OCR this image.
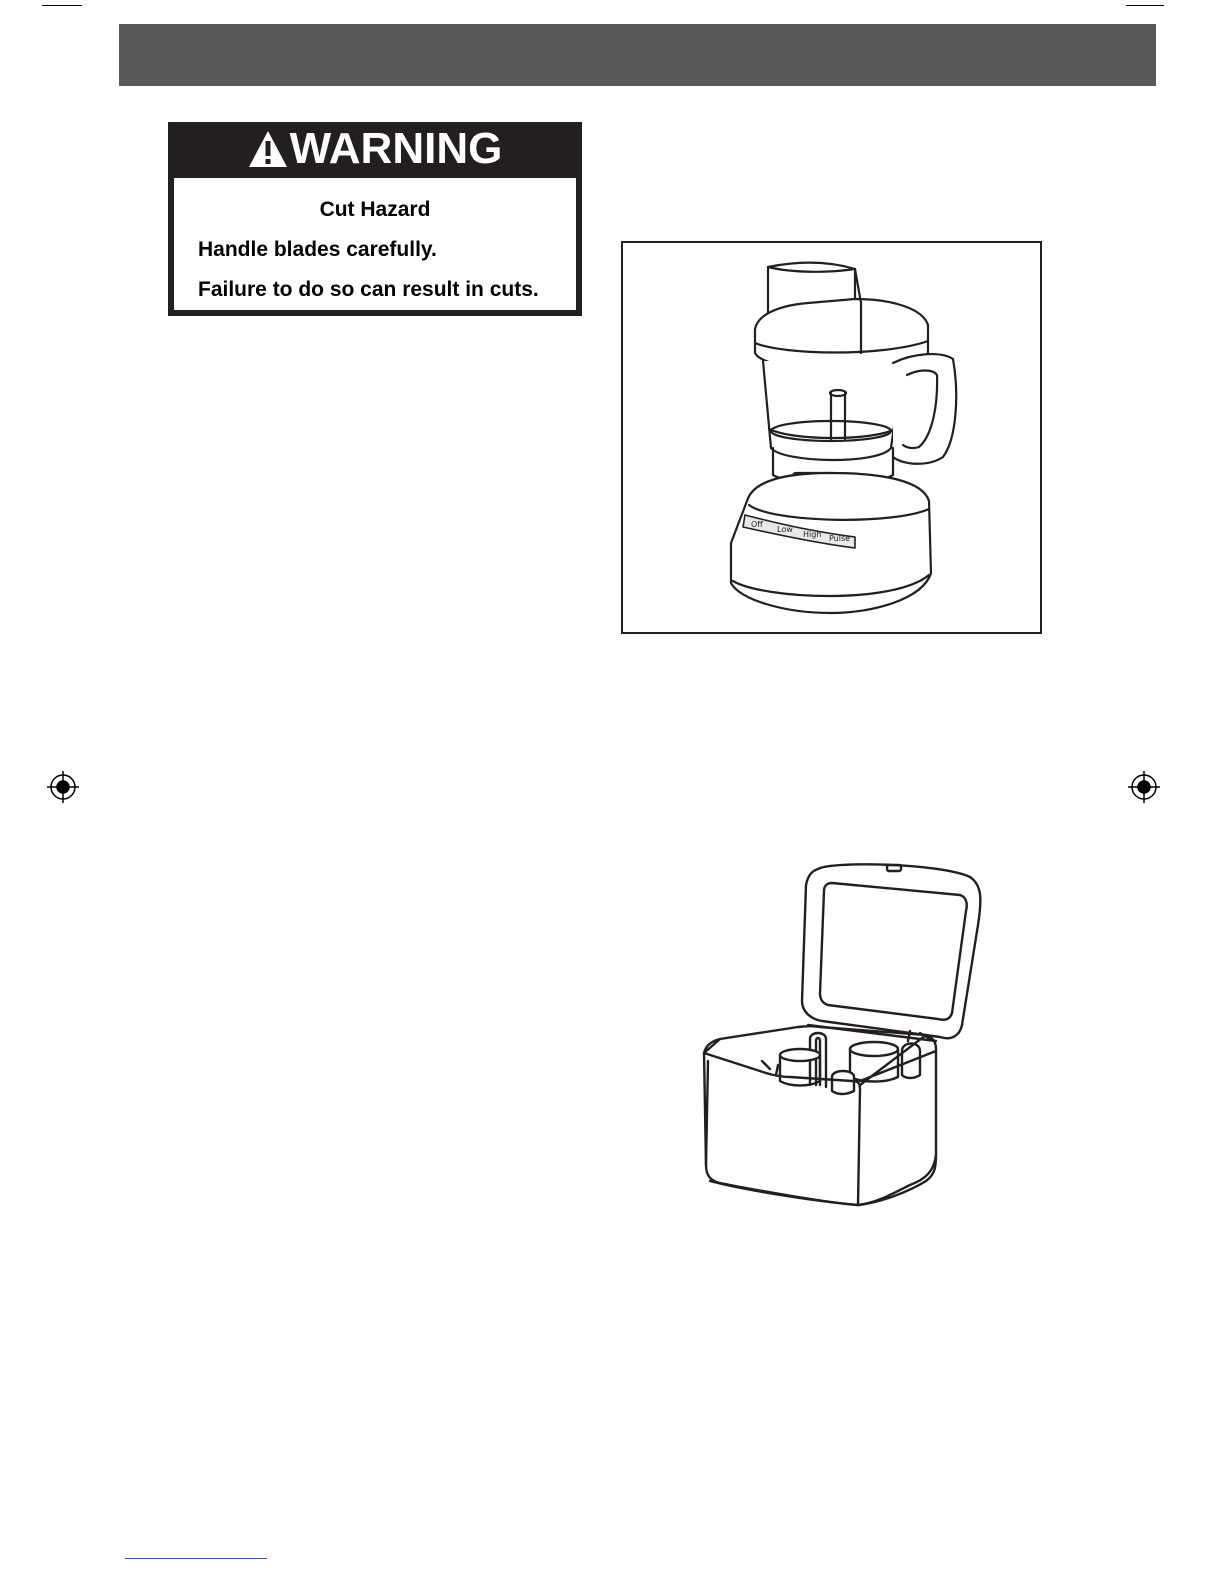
WARNING
Cut Hazard
Handle blades carefully.
Failure to do so can result in cuts.
Off
Low
High Pulse
